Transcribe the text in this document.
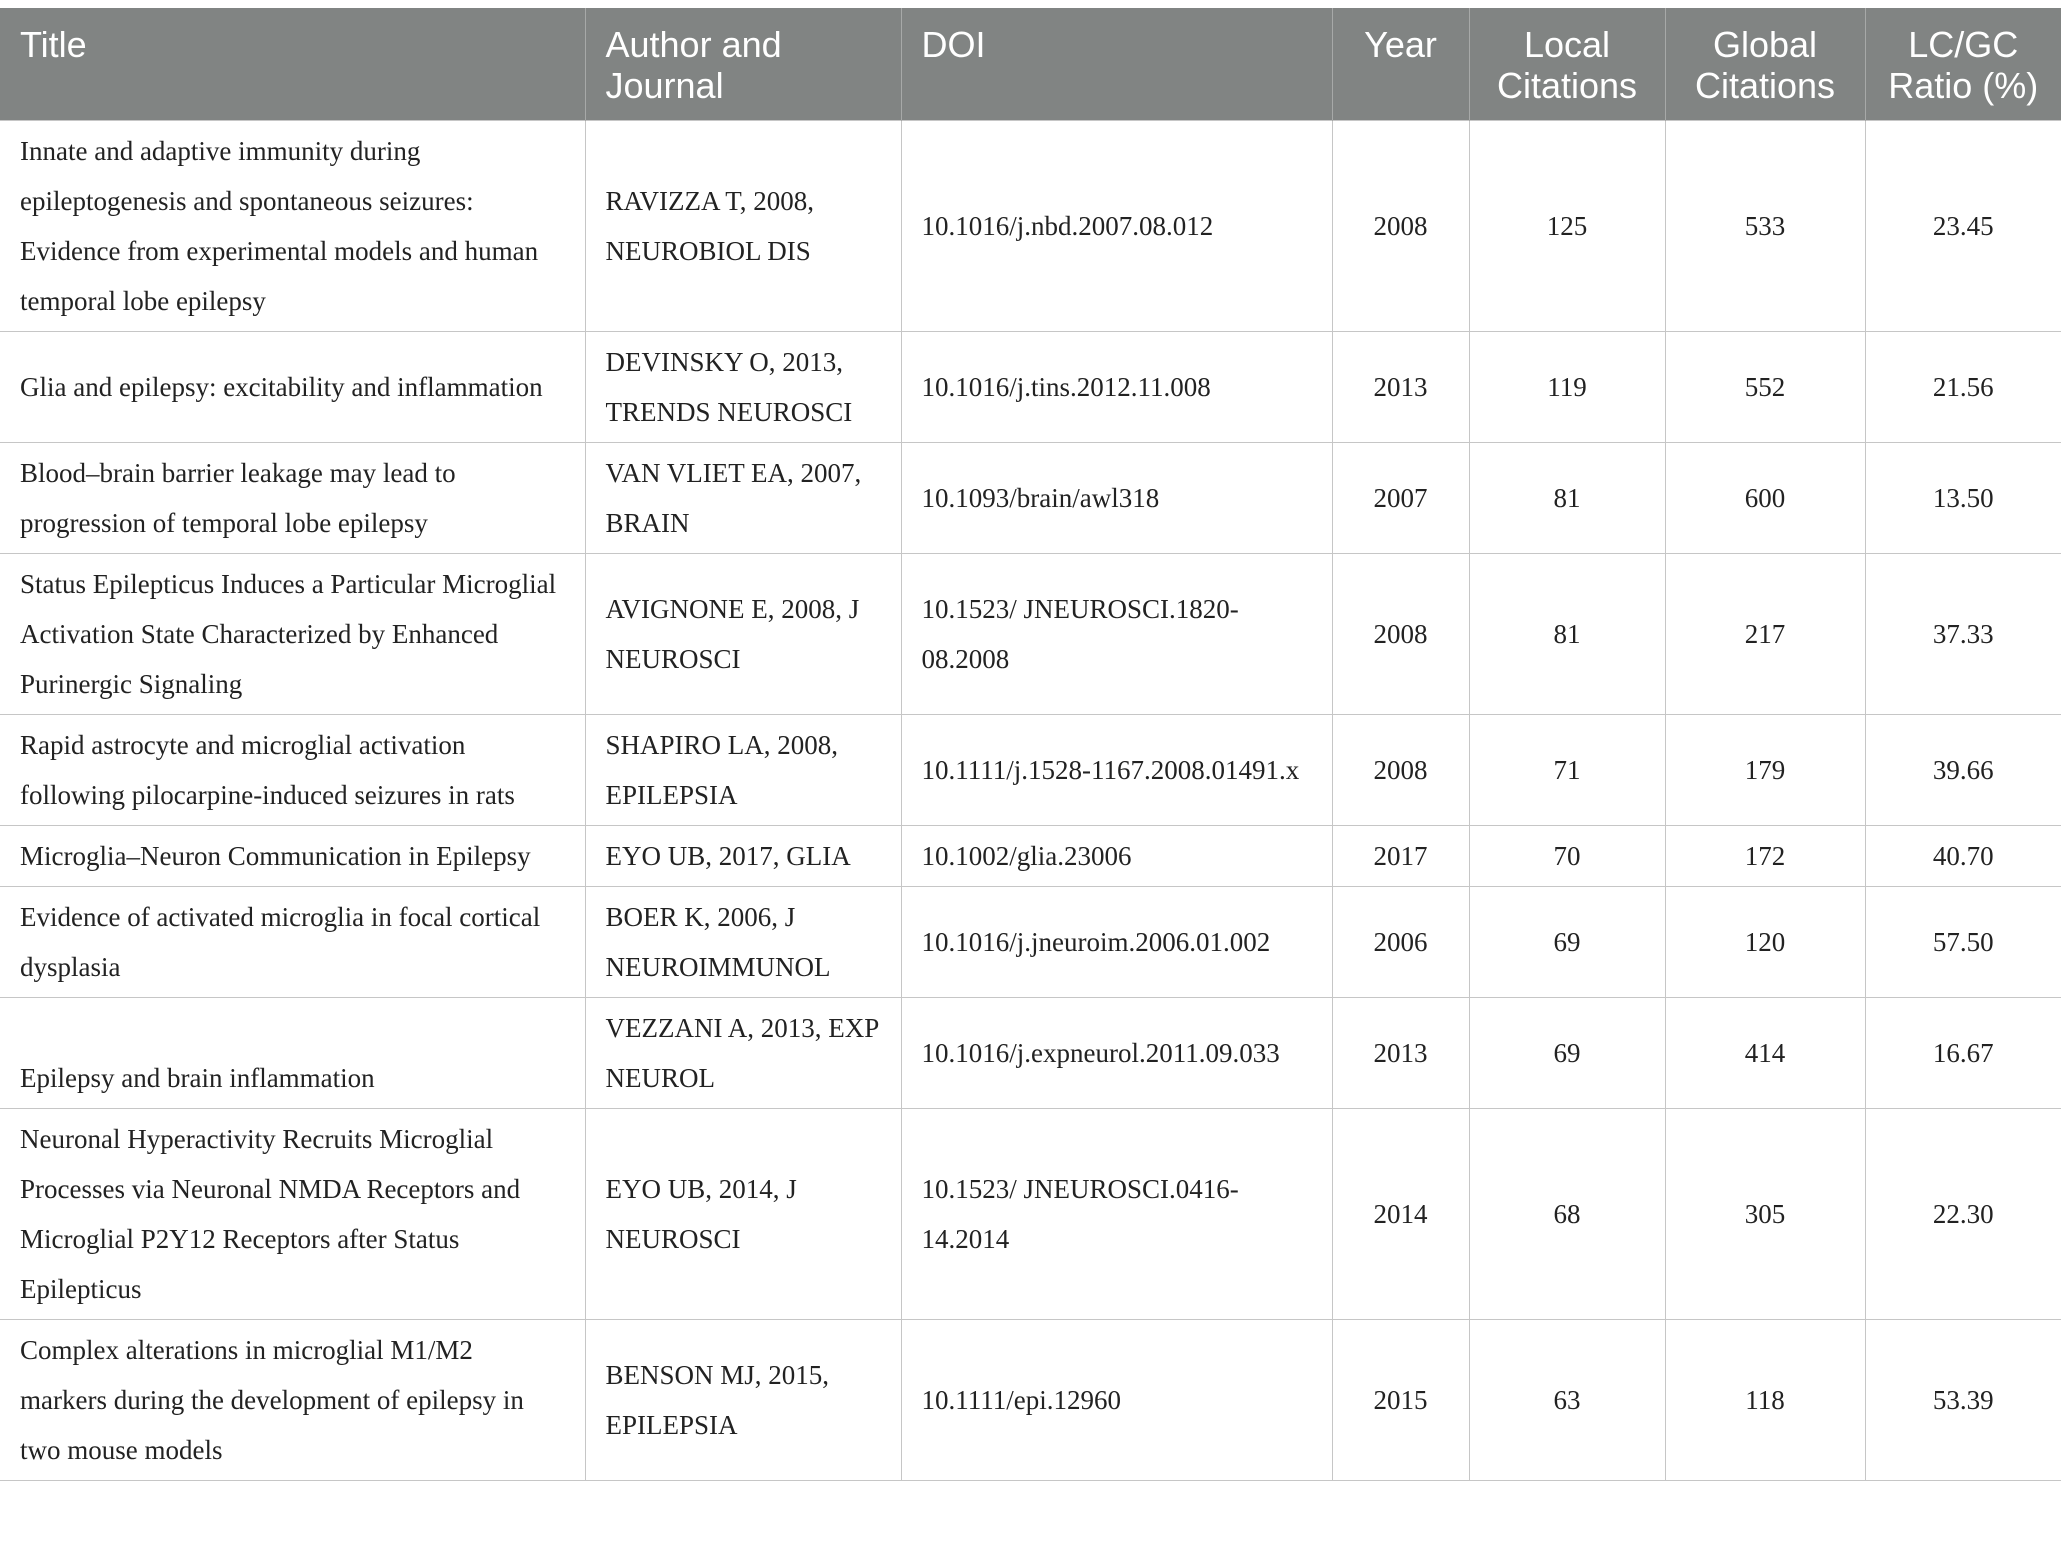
Title	Author and Journal	DOI	Year	Local Citations	Global Citations	LC/GC Ratio (%)
Innate and adaptive immunity during epileptogenesis and spontaneous seizures: Evidence from experimental models and human temporal lobe epilepsy	RAVIZZA T, 2008, NEUROBIOL DIS	10.1016/j.nbd.2007.08.012	2008	125	533	23.45
Glia and epilepsy: excitability and inflammation	DEVINSKY O, 2013, TRENDS NEUROSCI	10.1016/j.tins.2012.11.008	2013	119	552	21.56
Blood–brain barrier leakage may lead to progression of temporal lobe epilepsy	VAN VLIET EA, 2007, BRAIN	10.1093/brain/awl318	2007	81	600	13.50
Status Epilepticus Induces a Particular Microglial Activation State Characterized by Enhanced Purinergic Signaling	AVIGNONE E, 2008, J NEUROSCI	10.1523/ JNEUROSCI.1820-08.2008	2008	81	217	37.33
Rapid astrocyte and microglial activation following pilocarpine-induced seizures in rats	SHAPIRO LA, 2008, EPILEPSIA	10.1111/j.1528-1167.2008.01491.x	2008	71	179	39.66
Microglia–Neuron Communication in Epilepsy	EYO UB, 2017, GLIA	10.1002/glia.23006	2017	70	172	40.70
Evidence of activated microglia in focal cortical dysplasia	BOER K, 2006, J NEUROIMMUNOL	10.1016/j.jneuroim.2006.01.002	2006	69	120	57.50
Epilepsy and brain inflammation	VEZZANI A, 2013, EXP NEUROL	10.1016/j.expneurol.2011.09.033	2013	69	414	16.67
Neuronal Hyperactivity Recruits Microglial Processes via Neuronal NMDA Receptors and Microglial P2Y12 Receptors after Status Epilepticus	EYO UB, 2014, J NEUROSCI	10.1523/ JNEUROSCI.0416-14.2014	2014	68	305	22.30
Complex alterations in microglial M1/M2 markers during the development of epilepsy in two mouse models	BENSON MJ, 2015, EPILEPSIA	10.1111/epi.12960	2015	63	118	53.39
